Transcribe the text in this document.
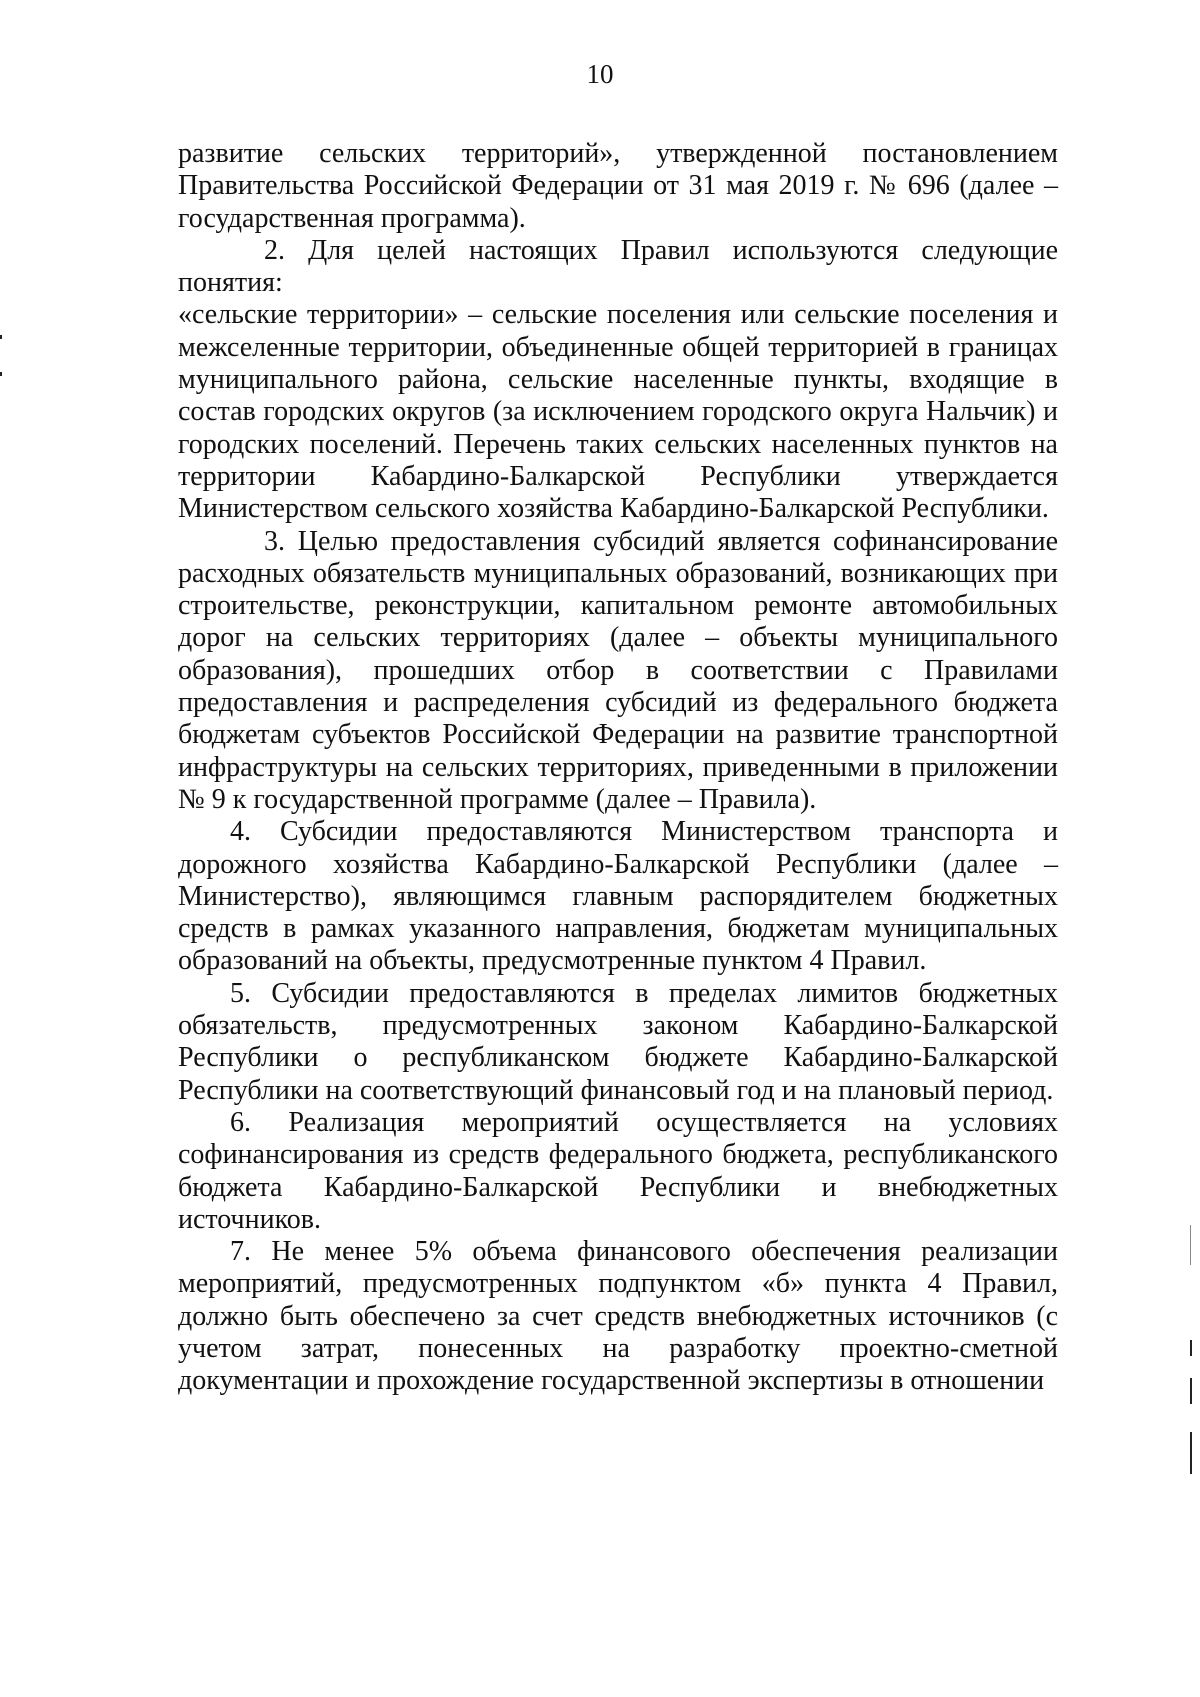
10

развитие сельских территорий», утвержденной постановлением Правительства Российской Федерации от 31 мая 2019 г. № 696 (далее – государственная программа).

2. Для целей настоящих Правил используются следующие понятия:

«сельские территории» – сельские поселения или сельские поселения и межселенные территории, объединенные общей территорией в границах муниципального района, сельские населенные пункты, входящие в состав городских округов (за исключением городского округа Нальчик) и городских поселений. Перечень таких сельских населенных пунктов на территории Кабардино-Балкарской Республики утверждается Министерством сельского хозяйства Кабардино-Балкарской Республики.

3. Целью предоставления субсидий является софинансирование расходных обязательств муниципальных образований, возникающих при строительстве, реконструкции, капитальном ремонте автомобильных дорог на сельских территориях (далее – объекты муниципального образования), прошедших отбор в соответствии с Правилами предоставления и распределения субсидий из федерального бюджета бюджетам субъектов Российской Федерации на развитие транспортной инфраструктуры на сельских территориях, приведенными в приложении № 9 к государственной программе (далее – Правила).

4. Субсидии предоставляются Министерством транспорта и дорожного хозяйства Кабардино-Балкарской Республики (далее – Министерство), являющимся главным распорядителем бюджетных средств в рамках указанного направления, бюджетам муниципальных образований на объекты, предусмотренные пунктом 4 Правил.

5. Субсидии предоставляются в пределах лимитов бюджетных обязательств, предусмотренных законом Кабардино-Балкарской Республики о республиканском бюджете Кабардино-Балкарской Республики на соответствующий финансовый год и на плановый период.

6. Реализация мероприятий осуществляется на условиях софинансирования из средств федерального бюджета, республиканского бюджета Кабардино-Балкарской Республики и внебюджетных источников.

7. Не менее 5% объема финансового обеспечения реализации мероприятий, предусмотренных подпунктом «б» пункта 4 Правил, должно быть обеспечено за счет средств внебюджетных источников (с учетом затрат, понесенных на разработку проектно-сметной документации и прохождение государственной экспертизы в отношении
